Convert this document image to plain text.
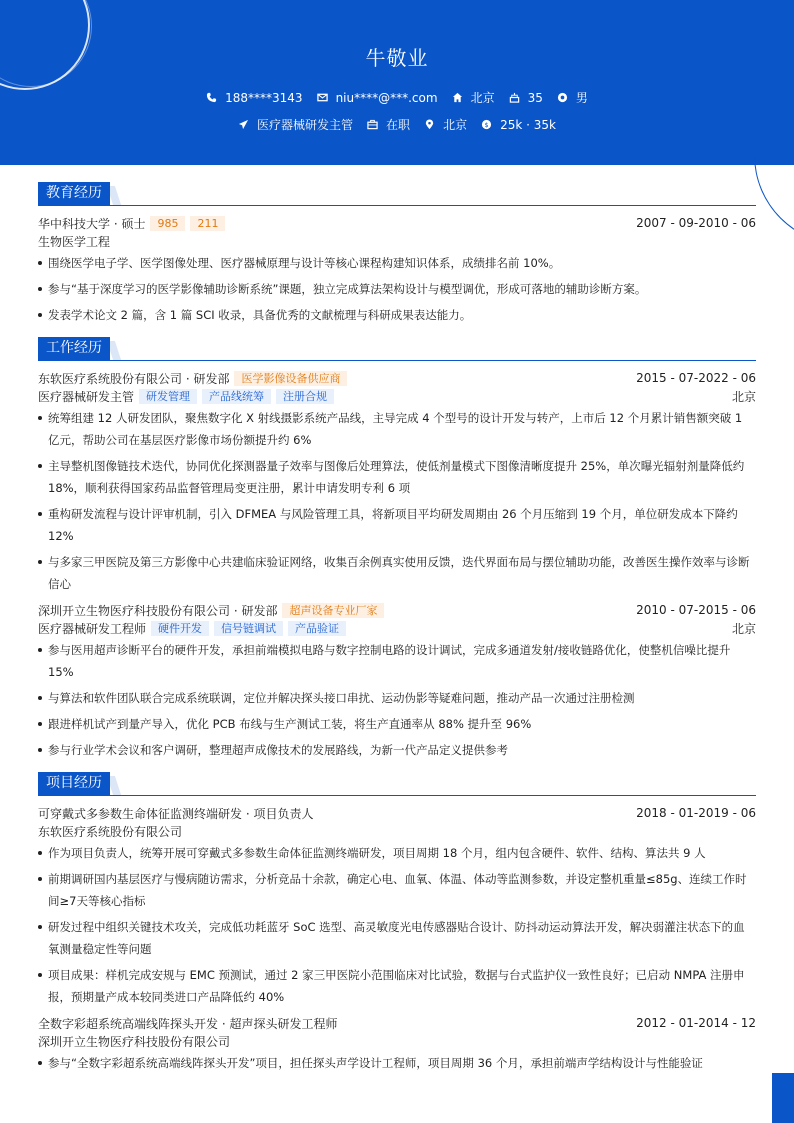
牛敬业
188****3143	niu****@***.com	北京	35	男
医疗器械研发主管	在职	北京 $ 25k · 35k
教育经历
华中科技大学 · 硕士	985	211	2007 - 09-2010 - 06
生物医学工程
围绕医学电子学、医学图像处理、医疗器械原理与设计等核心课程构建知识体系，成绩排名前 10%。
参与“基于深度学习的医学影像辅助诊断系统”课题，独立完成算法架构设计与模型调优，形成可落地的辅助诊断方案。
发表学术论文 2 篇，含 1 篇 SCI 收录，具备优秀的文献梳理与科研成果表达能力。
工作经历
东软医疗系统股份有限公司 · 研发部	医学影像设备供应商	2015 - 07-2022 - 06
医疗器械研发主管	研发管理	产品线统筹	注册合规	北京
统筹组建 12 人研发团队，聚焦数字化 X 射线摄影系统产品线，主导完成 4 个型号的设计开发与转产，上市后 12 个月累计销售额突破 1 亿元，帮助公司在基层医疗影像市场份额提升约 6%
主导整机图像链技术迭代，协同优化探测器量子效率与图像后处理算法，使低剂量模式下图像清晰度提升 25%，单次曝光辐射剂量降低约 18%，顺利获得国家药品监督管理局变更注册，累计申请发明专利 6 项
重构研发流程与设计评审机制，引入 DFMEA 与风险管理工具，将新项目平均研发周期由 26 个月压缩到 19 个月，单位研发成本下降约 12%
与多家三甲医院及第三方影像中心共建临床验证网络，收集百余例真实使用反馈，迭代界面布局与摆位辅助功能，改善医生操作效率与诊断信心
深圳开立生物医疗科技股份有限公司 · 研发部	超声设备专业厂家	2010 - 07-2015 - 06
医疗器械研发工程师	硬件开发	信号链调试	产品验证	北京
参与医用超声诊断平台的硬件开发，承担前端模拟电路与数字控制电路的设计调试，完成多通道发射/接收链路优化，使整机信噪比提升 15%
与算法和软件团队联合完成系统联调，定位并解决探头接口串扰、运动伪影等疑难问题，推动产品一次通过注册检测
跟进样机试产到量产导入，优化 PCB 布线与生产测试工装，将生产直通率从 88% 提升至 96%
参与行业学术会议和客户调研，整理超声成像技术的发展路线，为新一代产品定义提供参考
项目经历
可穿戴式多参数生命体征监测终端研发 · 项目负责人	2018 - 01-2019 - 06
东软医疗系统股份有限公司
作为项目负责人，统筹开展可穿戴式多参数生命体征监测终端研发，项目周期 18 个月，组内包含硬件、软件、结构、算法共 9 人
前期调研国内基层医疗与慢病随访需求，分析竞品十余款，确定心电、血氧、体温、体动等监测参数，并设定整机重量≤85g、连续工作时间≥7天等核心指标
研发过程中组织关键技术攻关，完成低功耗蓝牙 SoC 选型、高灵敏度光电传感器贴合设计、防抖动运动算法开发，解决弱灌注状态下的血氧测量稳定性等问题
项目成果：样机完成安规与 EMC 预测试，通过 2 家三甲医院小范围临床对比试验，数据与台式监护仪一致性良好；已启动 NMPA 注册申报，预期量产成本较同类进口产品降低约 40%
全数字彩超系统高端线阵探头开发 · 超声探头研发工程师	2012 - 01-2014 - 12
深圳开立生物医疗科技股份有限公司
参与“全数字彩超系统高端线阵探头开发”项目，担任探头声学设计工程师，项目周期 36 个月，承担前端声学结构设计与性能验证
